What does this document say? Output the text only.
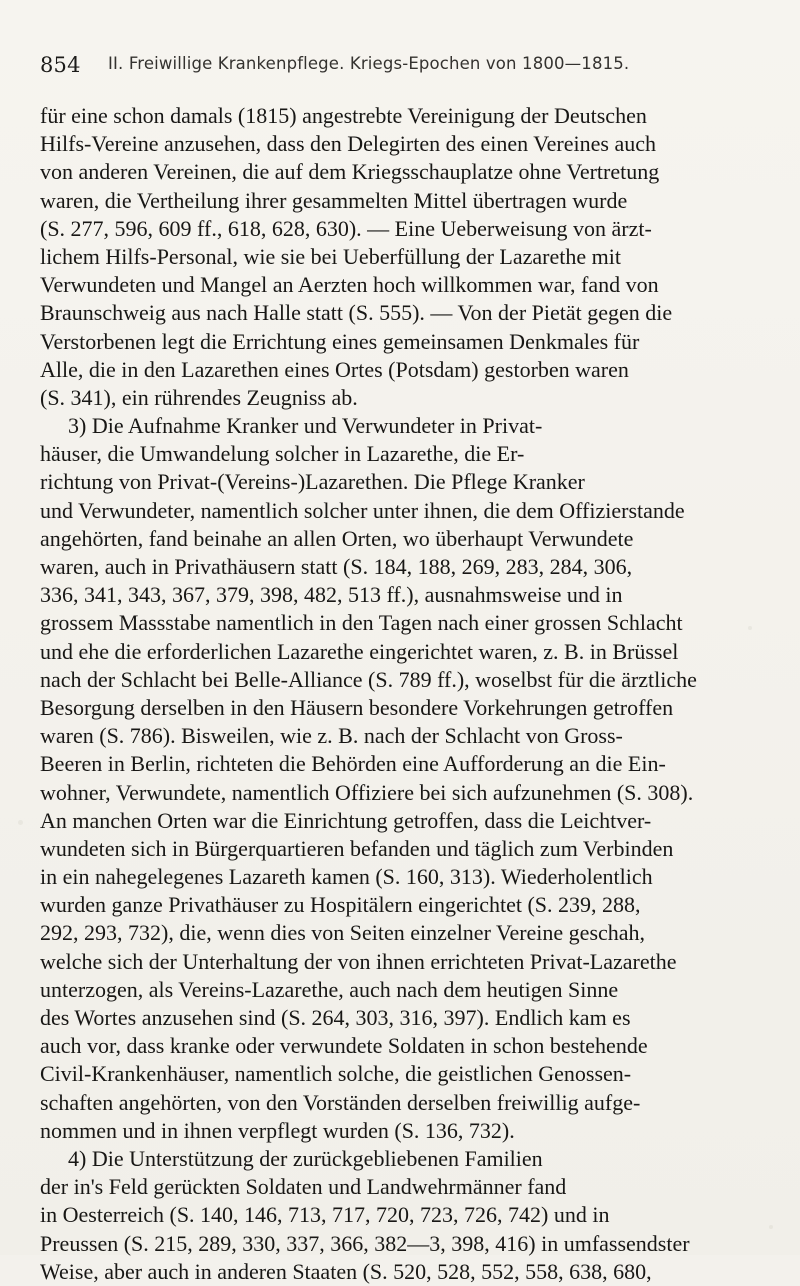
854 II. Freiwillige Krankenpflege. Kriegs-Epochen von 1800—1815.
für eine schon damals (1815) angestrebte Vereinigung der Deutschen
Hilfs-Vereine anzusehen, dass den Delegirten des einen Vereines auch
von anderen Vereinen, die auf dem Kriegsschauplatze ohne Vertretung
waren, die Vertheilung ihrer gesammelten Mittel übertragen wurde
(S. 277, 596, 609 ff., 618, 628, 630). — Eine Ueberweisung von ärzt-
lichem Hilfs-Personal, wie sie bei Ueberfüllung der Lazarethe mit
Verwundeten und Mangel an Aerzten hoch willkommen war, fand von
Braunschweig aus nach Halle statt (S. 555). — Von der Pietät gegen die
Verstorbenen legt die Errichtung eines gemeinsamen Denkmales für
Alle, die in den Lazarethen eines Ortes (Potsdam) gestorben waren
(S. 341), ein rührendes Zeugniss ab.
3) Die Aufnahme Kranker und Verwundeter in Privat-
häuser, die Umwandelung solcher in Lazarethe, die Er-
richtung von Privat-(Vereins-)Lazarethen. Die Pflege Kranker
und Verwundeter, namentlich solcher unter ihnen, die dem Offizierstande
angehörten, fand beinahe an allen Orten, wo überhaupt Verwundete
waren, auch in Privathäusern statt (S. 184, 188, 269, 283, 284, 306,
336, 341, 343, 367, 379, 398, 482, 513 ff.), ausnahmsweise und in
grossem Massstabe namentlich in den Tagen nach einer grossen Schlacht
und ehe die erforderlichen Lazarethe eingerichtet waren, z. B. in Brüssel
nach der Schlacht bei Belle-Alliance (S. 789 ff.), woselbst für die ärztliche
Besorgung derselben in den Häusern besondere Vorkehrungen getroffen
waren (S. 786). Bisweilen, wie z. B. nach der Schlacht von Gross-
Beeren in Berlin, richteten die Behörden eine Aufforderung an die Ein-
wohner, Verwundete, namentlich Offiziere bei sich aufzunehmen (S. 308).
An manchen Orten war die Einrichtung getroffen, dass die Leichtver-
wundeten sich in Bürgerquartieren befanden und täglich zum Verbinden
in ein nahegelegenes Lazareth kamen (S. 160, 313). Wiederholentlich
wurden ganze Privathäuser zu Hospitälern eingerichtet (S. 239, 288,
292, 293, 732), die, wenn dies von Seiten einzelner Vereine geschah,
welche sich der Unterhaltung der von ihnen errichteten Privat-Lazarethe
unterzogen, als Vereins-Lazarethe, auch nach dem heutigen Sinne
des Wortes anzusehen sind (S. 264, 303, 316, 397). Endlich kam es
auch vor, dass kranke oder verwundete Soldaten in schon bestehende
Civil-Krankenhäuser, namentlich solche, die geistlichen Genossen-
schaften angehörten, von den Vorständen derselben freiwillig aufge-
nommen und in ihnen verpflegt wurden (S. 136, 732).
4) Die Unterstützung der zurückgebliebenen Familien
der in's Feld gerückten Soldaten und Landwehrmänner fand
in Oesterreich (S. 140, 146, 713, 717, 720, 723, 726, 742) und in
Preussen (S. 215, 289, 330, 337, 366, 382—3, 398, 416) in umfassendster
Weise, aber auch in anderen Staaten (S. 520, 528, 552, 558, 638, 680,
